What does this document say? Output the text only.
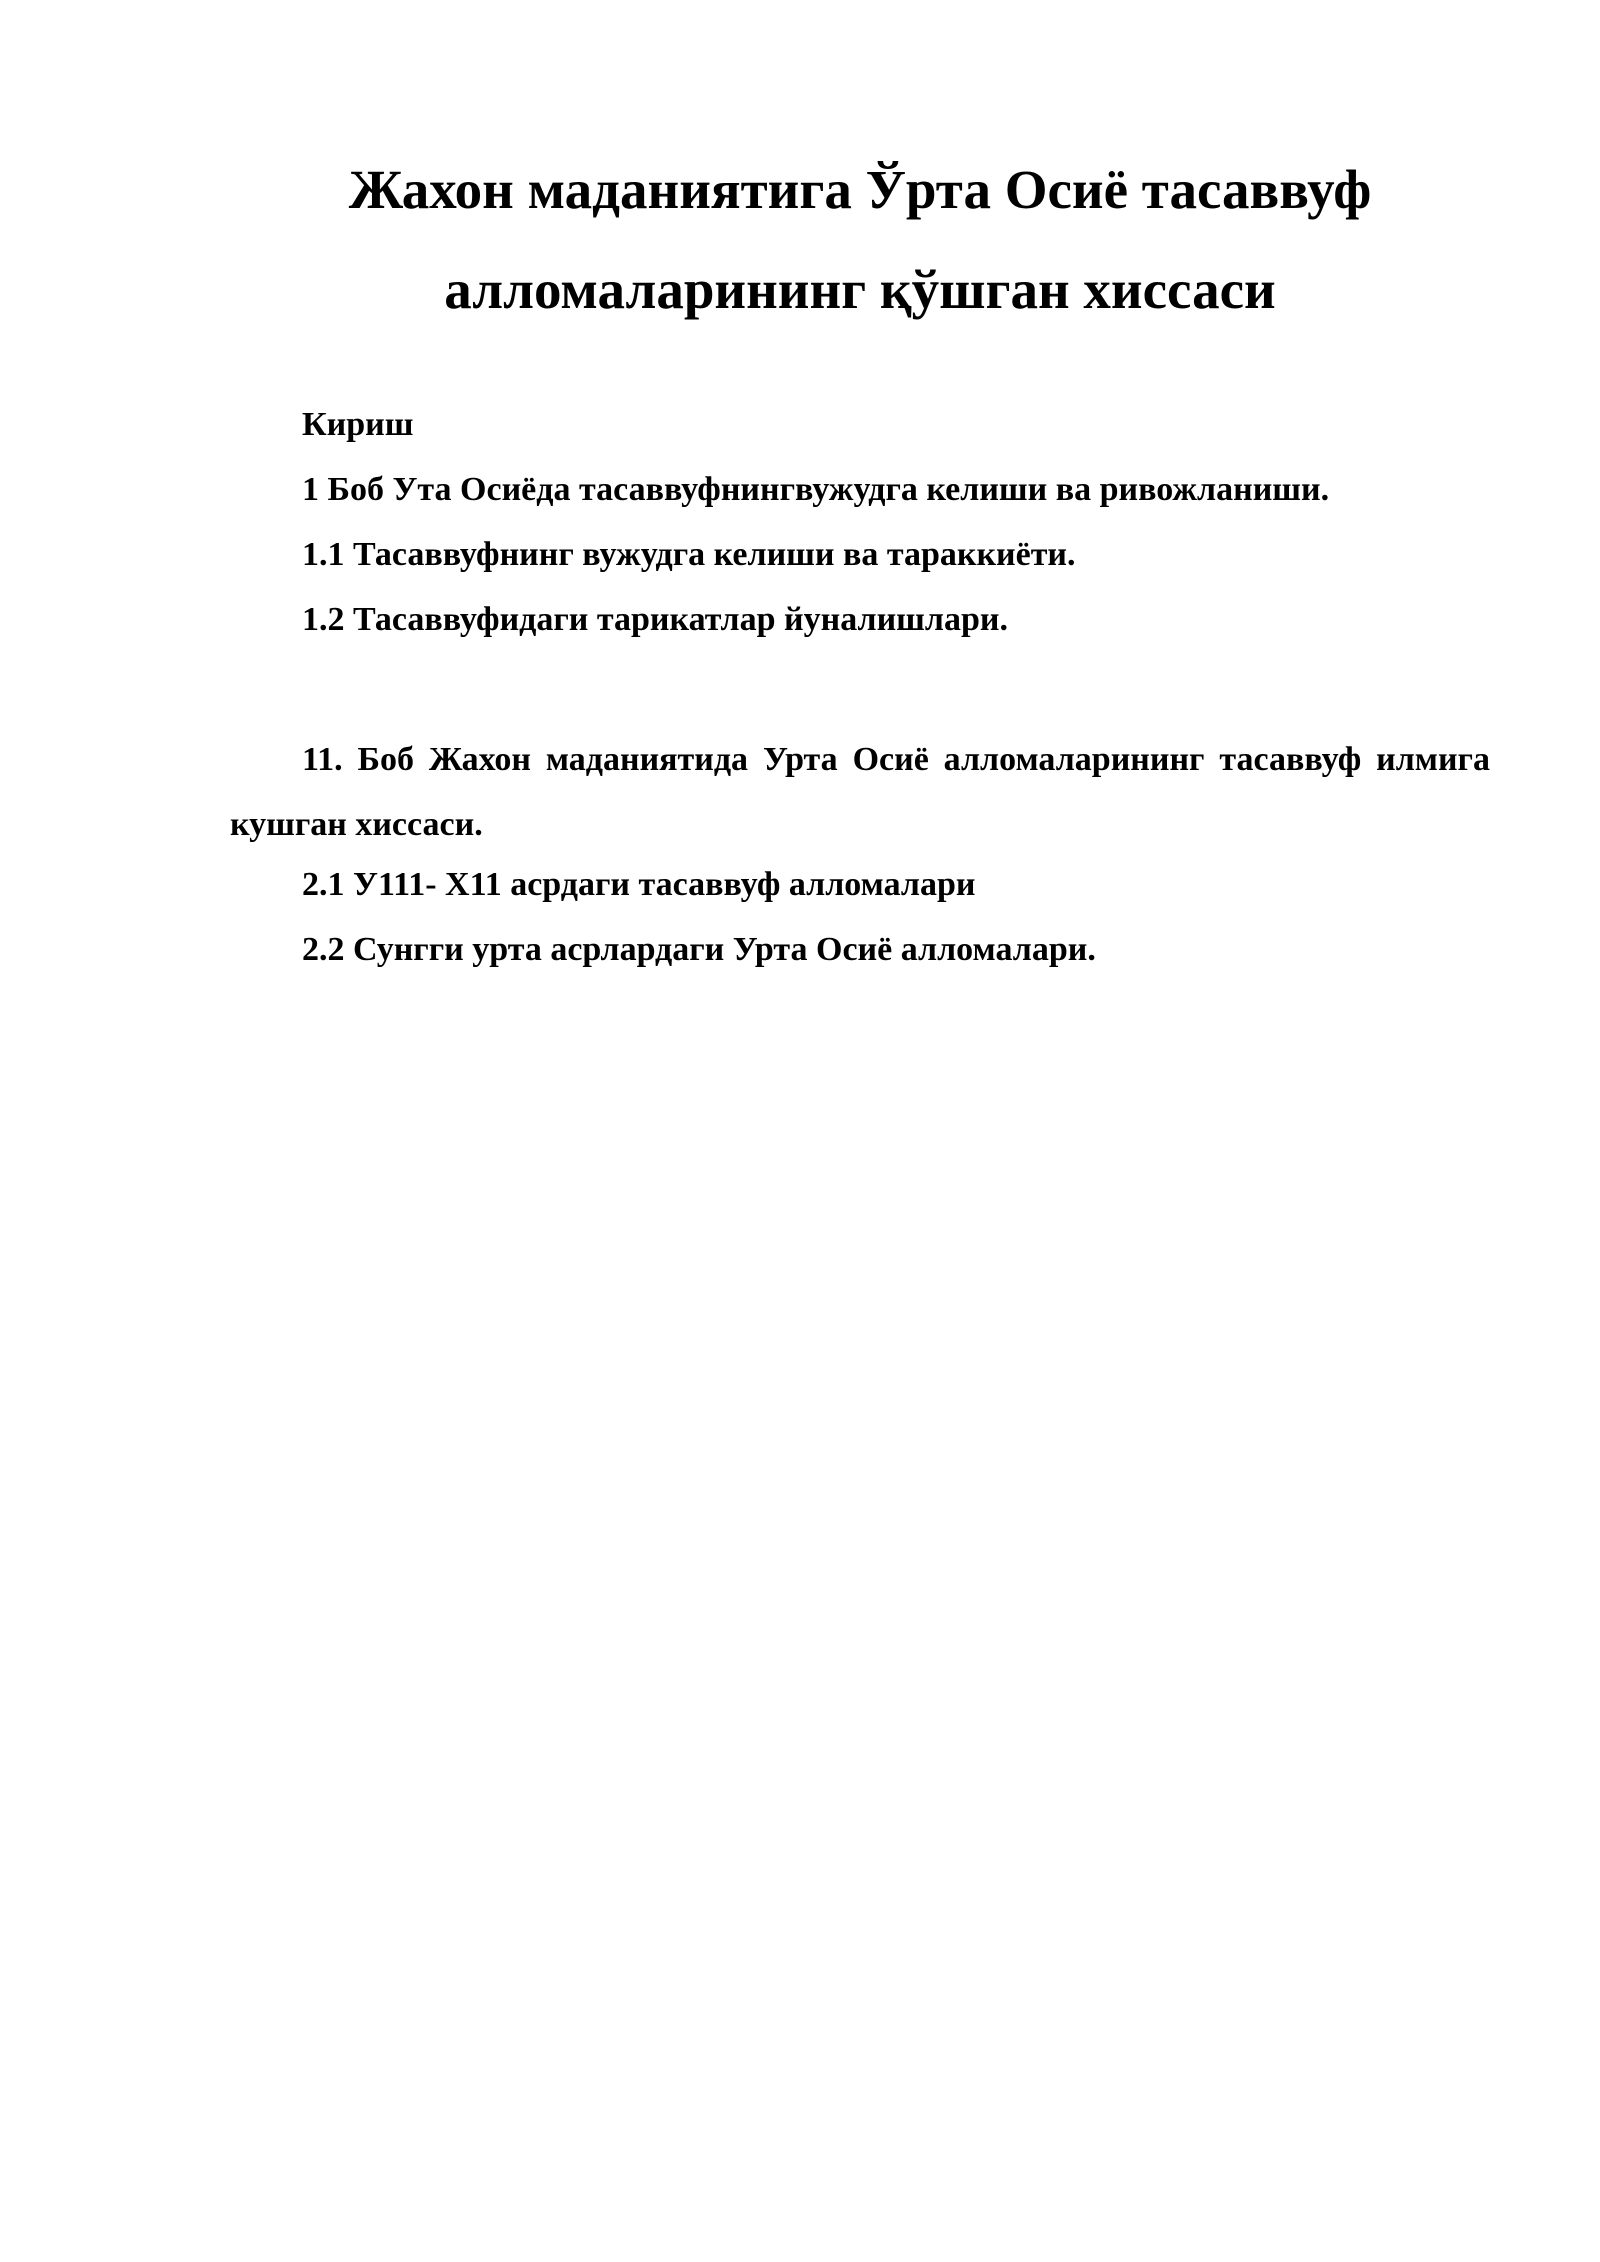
Жахон маданиятига Ўрта Осиё тасаввуф алломаларининг қўшган хиссаси
Кириш
1 Боб Ута Осиёда тасаввуфнингвужудга келиши ва ривожланиши.
1.1 Тасаввуфнинг вужудга келиши ва тараккиёти.
1.2 Тасаввуфидаги тарикатлар йуналишлари.
11. Боб Жахон маданиятида Урта Осиё алломаларининг тасаввуф илмига кушган хиссаси.
2.1 У111- Х11 асрдаги тасаввуф алломалари
2.2 Сунгги урта асрлардаги Урта Осиё алломалари.
